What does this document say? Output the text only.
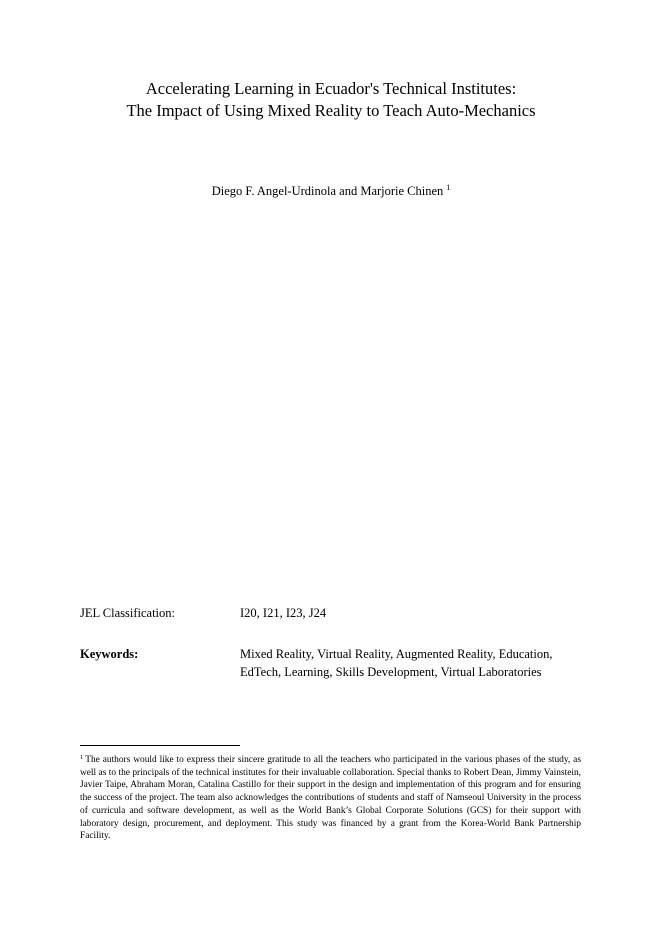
Accelerating Learning in Ecuador's Technical Institutes:
The Impact of Using Mixed Reality to Teach Auto-Mechanics
Diego F. Angel-Urdinola and Marjorie Chinen $^1$
JEL Classification:	I20, I21, I23, J24
Keywords:	Mixed Reality, Virtual Reality, Augmented Reality, Education,
EdTech, Learning, Skills Development, Virtual Laboratories
$^1$ The authors would like to express their sincere gratitude to all the teachers who participated in the various phases of the study, as well as to the principals of the technical institutes for their invaluable collaboration. Special thanks to Robert Dean, Jimmy Vainstein, Javier Taipe, Abraham Moran, Catalina Castillo for their support in the design and implementation of this program and for ensuring the success of the project. The team also acknowledges the contributions of students and staff of Namseoul University in the process of curricula and software development, as well as the World Bank’s Global Corporate Solutions (GCS) for their support with laboratory design, procurement, and deployment. This study was financed by a grant from the Korea-World Bank Partnership Facility.
